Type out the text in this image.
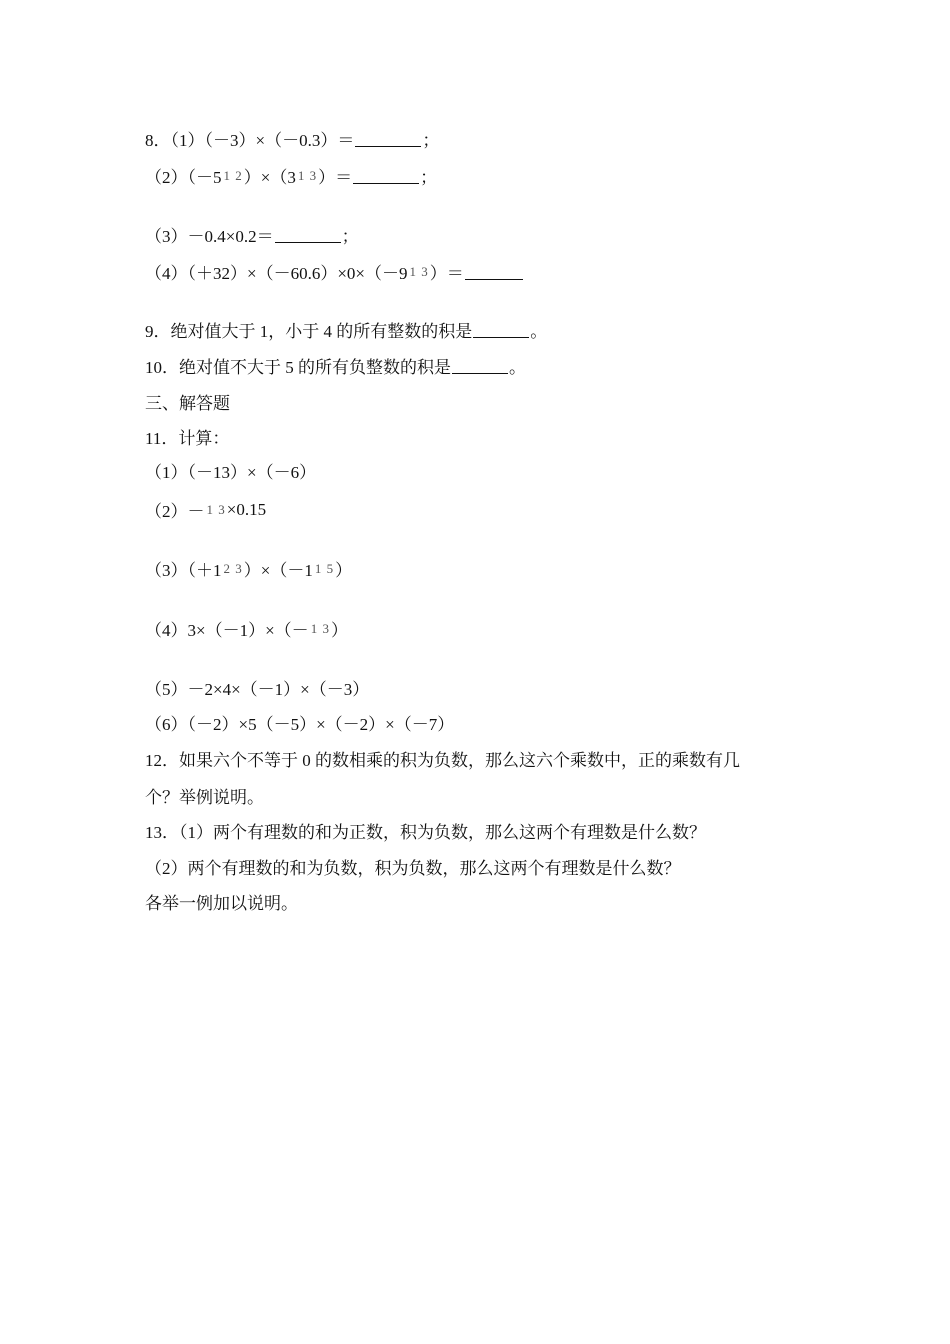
8．（1）（－3）×（－0.3）＝	；
（2）（－5 1 2 ）×（3 1 3 ）＝	；
（3）－0.4×0.2＝	；
（4）（＋32）×（－60.6）×0×（－9 1 3 ）＝
9．绝对值大于 1，小于 4 的所有整数的积是	。
10．绝对值不大于 5 的所有负整数的积是	。
三、解答题
11．计算：
（1）（－13）×（－6）
（2）－ 1 3 ×0.15
（3）（＋1 2 3 ）×（－1 1 5 ）
（4）3×（－1）×（－ 1 3 ）
（5）－2×4×（－1）×（－3）
（6）（－2）×5（－5）×（－2）×（－7）
12．如果六个不等于 0 的数相乘的积为负数，那么这六个乘数中，正的乘数有几
个？举例说明。
13．（1）两个有理数的和为正数，积为负数，那么这两个有理数是什么数？
（2）两个有理数的和为负数，积为负数，那么这两个有理数是什么数？
各举一例加以说明。
